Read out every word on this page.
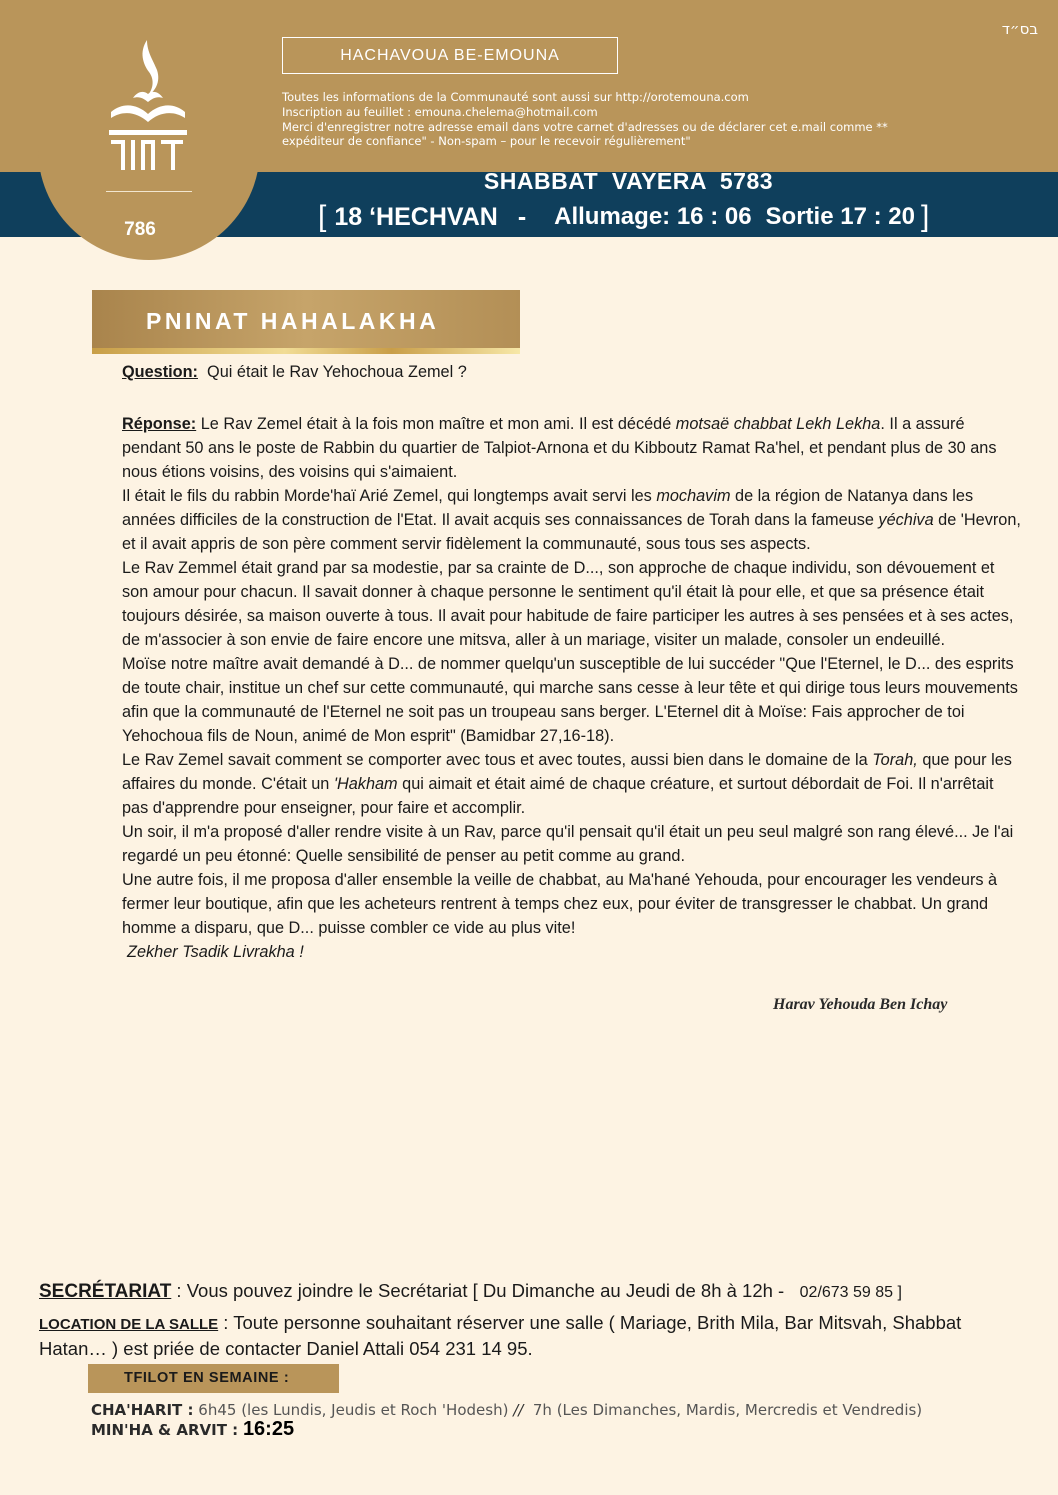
786
בס״ד
HACHAVOUA BE-EMOUNA
Toutes les informations de la Communauté sont aussi sur http://orotemouna.com
Inscription au feuillet : emouna.chelema@hotmail.com
Merci d'enregistrer notre adresse email dans votre carnet d'adresses ou de déclarer cet e.mail comme **
expéditeur de confiance" - Non-spam – pour le recevoir régulièrement"
SHABBAT  VAYERA  5783
[ 18 ‘HECHVAN - Allumage: 16 : 06 Sortie 17 : 20 ]
PNINAT HAHALAKHA

Question: Qui était le Rav Yehochoua Zemel ?

Réponse: Le Rav Zemel était à la fois mon maître et mon ami. Il est décédé motsaë chabbat Lekh Lekha. Il a assuré pendant 50 ans le poste de Rabbin du quartier de Talpiot-Arnona et du Kibboutz Ramat Ra'hel, et pendant plus de 30 ans nous étions voisins, des voisins qui s'aimaient.

Il était le fils du rabbin Morde'haï Arié Zemel, qui longtemps avait servi les mochavim de la région de Natanya dans les années difficiles de la construction de l'Etat. Il avait acquis ses connaissances de Torah dans la fameuse yéchiva de 'Hevron, et il avait appris de son père comment servir fidèlement la communauté, sous tous ses aspects.

Le Rav Zemmel était grand par sa modestie, par sa crainte de D..., son approche de chaque individu, son dévouement et son amour pour chacun. Il savait donner à chaque personne le sentiment qu'il était là pour elle, et que sa présence était toujours désirée, sa maison ouverte à tous. Il avait pour habitude de faire participer les autres à ses pensées et à ses actes, de m'associer à son envie de faire encore une mitsva, aller à un mariage, visiter un malade, consoler un endeuillé.

Moïse notre maître avait demandé à D... de nommer quelqu'un susceptible de lui succéder "Que l'Eternel, le D... des esprits de toute chair, institue un chef sur cette communauté, qui marche sans cesse à leur tête et qui dirige tous leurs mouvements afin que la communauté de l'Eternel ne soit pas un troupeau sans berger. L'Eternel dit à Moïse: Fais approcher de toi Yehochoua fils de Noun, animé de Mon esprit" (Bamidbar 27,16-18).

Le Rav Zemel savait comment se comporter avec tous et avec toutes, aussi bien dans le domaine de la Torah, que pour les affaires du monde. C'était un 'Hakham qui aimait et était aimé de chaque créature, et surtout débordait de Foi. Il n'arrêtait pas d'apprendre pour enseigner, pour faire et accomplir.

Un soir, il m'a proposé d'aller rendre visite à un Rav, parce qu'il pensait qu'il était un peu seul malgré son rang élevé... Je l'ai regardé un peu étonné: Quelle sensibilité de penser au petit comme au grand.

Une autre fois, il me proposa d'aller ensemble la veille de chabbat, au Ma'hané Yehouda, pour encourager les vendeurs à fermer leur boutique, afin que les acheteurs rentrent à temps chez eux, pour éviter de transgresser le chabbat. Un grand homme a disparu, que D... puisse combler ce vide au plus vite!

Zekher Tsadik Livrakha !

Harav Yehouda Ben Ichay
SECRÉTARIAT : Vous pouvez joindre le Secrétariat [ Du Dimanche au Jeudi de 8h à 12h - 02/673 59 85 ]
LOCATION DE LA SALLE : Toute personne souhaitant réserver une salle ( Mariage, Brith Mila, Bar Mitsvah, Shabbat Hatan… ) est priée de contacter Daniel Attali 054 231 14 95.
TFILOT EN SEMAINE :
CHA'HARIT : 6h45 (les Lundis, Jeudis et Roch 'Hodesh) // 7h (Les Dimanches, Mardis, Mercredis et Vendredis)
MIN'HA & ARVIT : 16:25
